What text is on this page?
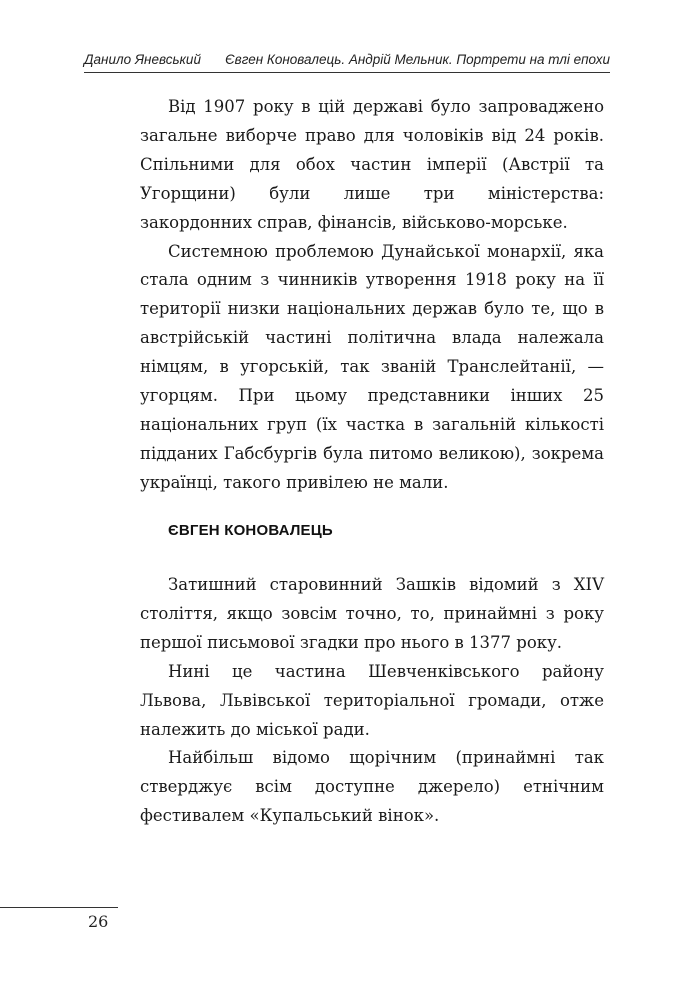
Данило Яневський Євген Коновалець. Андрій Мельник. Портрети на тлі епохи

Від 1907 року в цій державі було запроваджено загальне виборче право для чоловіків від 24 років. Спільними для обох частин імперії (Австрії та Угорщини) були лише три міністерства: закордонних справ, фінансів, військово-морське.

Системною проблемою Дунайської монархії, яка стала одним з чинників утворення 1918 року на її території низки національних держав було те, що в австрійській частині політична влада належала німцям, в угорській, так званій Транслейтанії, — угорцям. При цьому представники інших 25 національних груп (їх частка в загальній кількості підданих Габсбургів була питомо великою), зокрема українці, такого привілею не мали.

ЄВГЕН КОНОВАЛЕЦЬ

Затишний старовинний Зашків відомий з XIV століття, якщо зовсім точно, то, принаймні з року першої письмової згадки про нього в 1377 року.

Нині це частина Шевченківського району Львова, Львівської територіальної громади, отже належить до міської ради.

Найбільш відомо щорічним (принаймні так стверджує всім доступне джерело) етнічним фестивалем «Купальський вінок».

26
